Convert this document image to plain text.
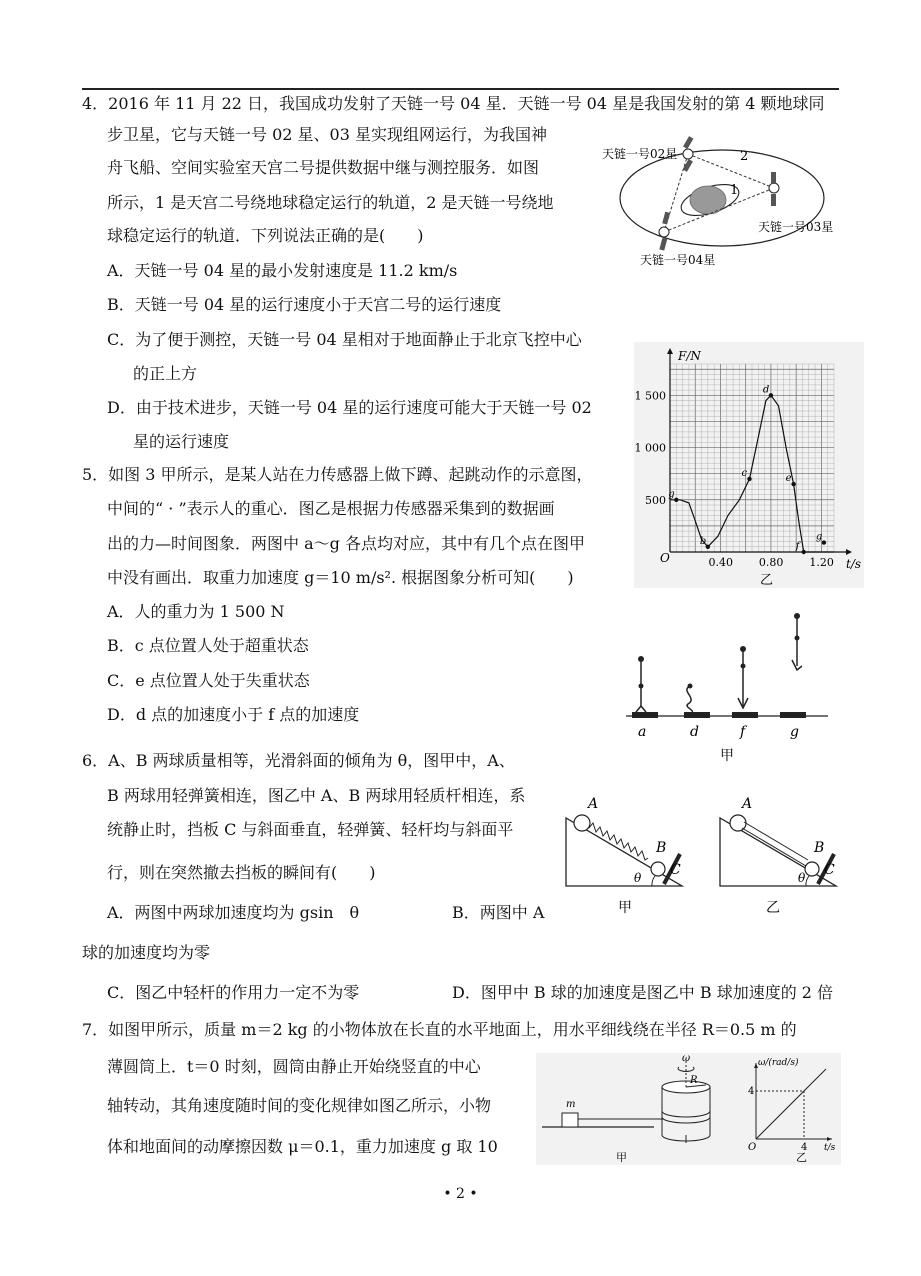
4．2016 年 11 月 22 日，我国成功发射了天链一号 04 星．天链一号 04 星是我国发射的第 4 颗地球同
步卫星，它与天链一号 02 星、03 星实现组网运行，为我国神
舟飞船、空间实验室天宫二号提供数据中继与测控服务．如图
所示，1 是天宫二号绕地球稳定运行的轨道，2 是天链一号绕地
球稳定运行的轨道．下列说法正确的是(　　)
A．天链一号 04 星的最小发射速度是 11.2 km/s
B．天链一号 04 星的运行速度小于天宫二号的运行速度
C．为了便于测控，天链一号 04 星相对于地面静止于北京飞控中心
的正上方
D．由于技术进步，天链一号 04 星的运行速度可能大于天链一号 02
星的运行速度
天链一号02星	2
1
天链一号03星
天链一号04星
5．如图 3 甲所示，是某人站在力传感器上做下蹲、起跳动作的示意图，
中间的“ · ”表示人的重心．图乙是根据力传感器采集到的数据画
出的力—时间图象．两图中 a～g 各点均对应，其中有几个点在图甲
中没有画出．取重力加速度 g＝10 m/s². 根据图象分析可知(　　)
A．人的重力为 1 500 N
B．c 点位置人处于超重状态
C．e 点位置人处于失重状态
D．d 点的加速度小于 f 点的加速度
0.40 0.80 1.20
500
1 000
1 500
g
b
c
d
e
f
g
F/N
t/s
O
乙
a	d	f	g
甲
6．A、B 两球质量相等，光滑斜面的倾角为 θ，图甲中，A、
B 两球用轻弹簧相连，图乙中 A、B 两球用轻质杆相连，系
统静止时，挡板 C 与斜面垂直，轻弹簧、轻杆均与斜面平
行，则在突然撤去挡板的瞬间有(　　)
A．两图中两球加速度均为 gsin　θ	B．两图中 A
球的加速度均为零
C．图乙中轻杆的作用力一定不为零	D．图甲中 B 球的加速度是图乙中 B 球加速度的 2 倍
A
B
C
θ
甲
A
B
C
θ
乙
7．如图甲所示，质量 m＝2 kg 的小物体放在长直的水平地面上，用水平细线绕在半径 R＝0.5 m 的
薄圆筒上．t＝0 时刻，圆筒由静止开始绕竖直的中心
轴转动，其角速度随时间的变化规律如图乙所示，小物
体和地面间的动摩擦因数 μ＝0.1，重力加速度 g 取 10
m
ω
R
甲
ω/(rad/s)
4
4
O	t/s
乙
• 2 •
